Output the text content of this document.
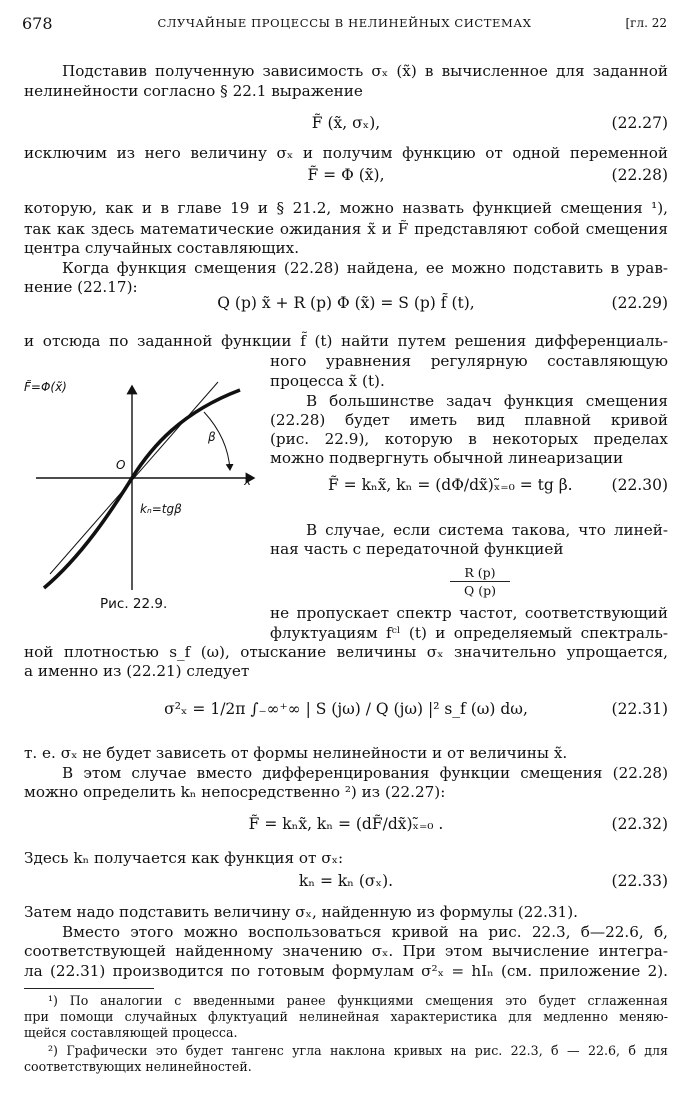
678	СЛУЧАЙНЫЕ ПРОЦЕССЫ В НЕЛИНЕЙНЫХ СИСТЕМАХ	[гл. 22
Подставив полученную зависимость σₓ (x̃) в вычисленное для заданной
нелинейности согласно § 22.1 выражение
F̃ (x̃, σₓ),	(22.27)
исключим из него величину σₓ и получим функцию от одной переменной
F̃ = Φ (x̃),	(22.28)
которую, как и в главе 19 и § 21.2, можно назвать функцией смещения ¹),
так как здесь математические ожидания x̃ и F̃ представляют собой смещения
центра случайных составляющих.
Когда функция смещения (22.28) найдена, ее можно подставить в урав-
нение (22.17):
Q (p) x̃ + R (p) Φ (x̃) = S (p) f̃ (t),	(22.29)
и отсюда по заданной функции f̃ (t) найти путем решения дифференциаль-
ного уравнения регулярную составляющую
процесса x̃ (t).
В большинстве задач функция смещения
(22.28) будет иметь вид плавной кривой
(рис. 22.9), которую в некоторых пределах
можно подвергнуть обычной линеаризации
F̃ = kₙx̃, kₙ = (dΦ/dx̃)ₓ̃₌₀ = tg β.	(22.30)
В случае, если система такова, что линей-
ная часть с передаточной функцией
R (p)
Q (p)
не пропускает спектр частот, соответствующий
флуктуациям fᶜˡ (t) и определяемый спектраль-
ной плотностью s_f (ω), отыскание величины σₓ значительно упрощается,
а именно из (22.21) следует
σ²ₓ = 1/2π ∫₋∞⁺∞ | S (jω) / Q (jω) |² s_f (ω) dω,	(22.31)
т. е. σₓ не будет зависеть от формы нелинейности и от величины x̃.
В этом случае вместо дифференцирования функции смещения (22.28)
можно определить kₙ непосредственно ²) из (22.27):
F̃ = kₙx̃, kₙ = (dF̃/dx̃)ₓ̃₌₀ .	(22.32)
Здесь kₙ получается как функция от σₓ:
kₙ = kₙ (σₓ).	(22.33)
Затем надо подставить величину σₓ, найденную из формулы (22.31).
Вместо этого можно воспользоваться кривой на рис. 22.3, б—22.6, б,
соответствующей найденному значению σₓ. При этом вычисление интегра-
ла (22.31) производится по готовым формулам σ²ₓ = hIₙ (см. приложение 2).
¹) По аналогии с введенными ранее функциями смещения это будет сглаженная
при помощи случайных флуктуаций нелинейная характеристика для медленно меняю-
щейся составляющей процесса.
²) Графически это будет тангенс угла наклона кривых на рис. 22.3, б — 22.6, б для
соответствующих нелинейностей.
F̃=Φ(x̃)
x̃
O
β
kₙ=tgβ
Рис. 22.9.
